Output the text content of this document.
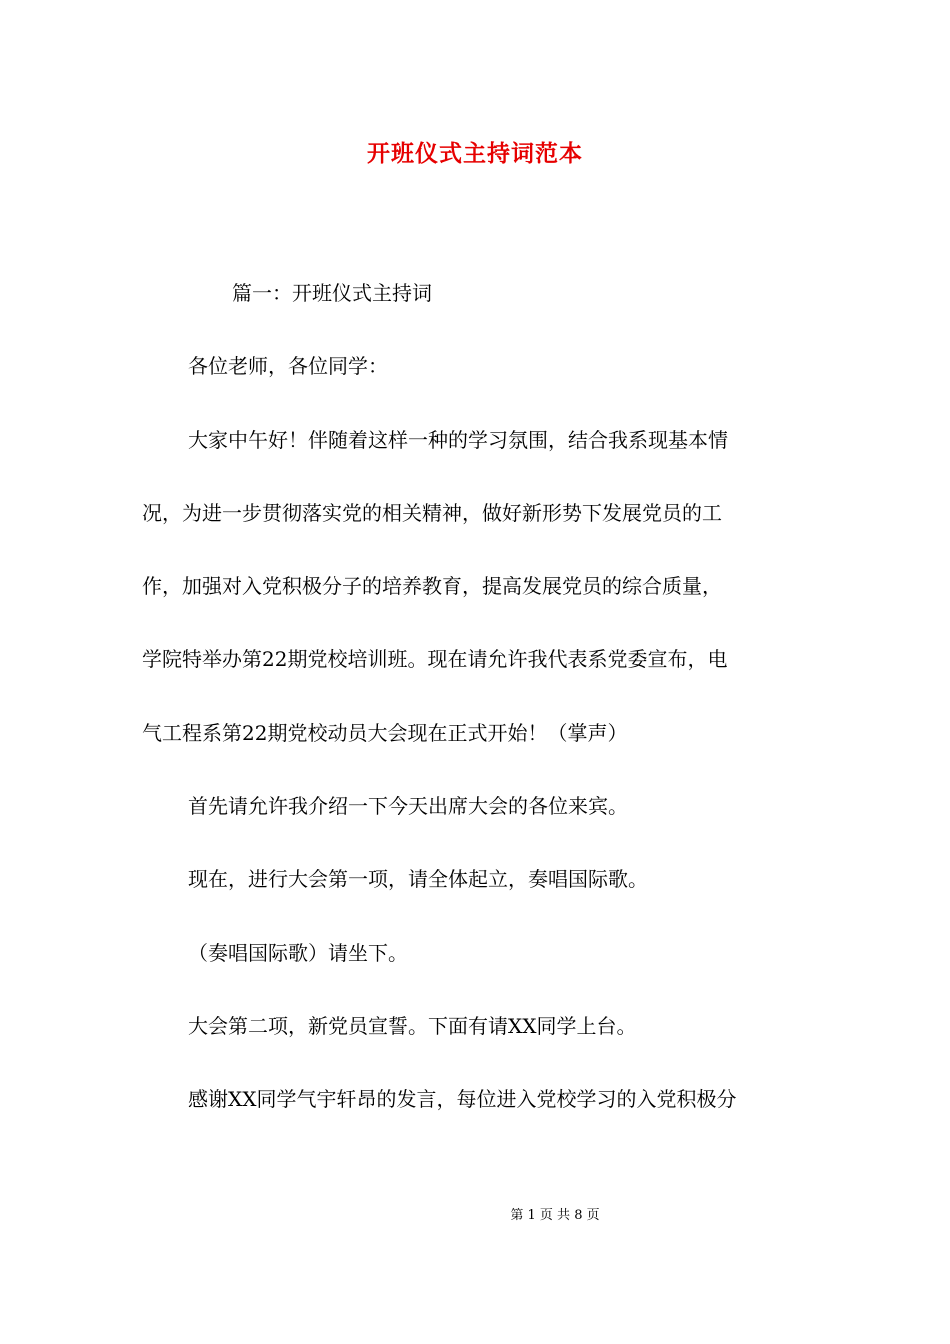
开班仪式主持词范本
篇一：开班仪式主持词
各位老师，各位同学：
大家中午好！伴随着这样一种的学习氛围，结合我系现基本情
况，为进一步贯彻落实党的相关精神，做好新形势下发展党员的工
作，加强对入党积极分子的培养教育，提高发展党员的综合质量，
学院特举办第22期党校培训班。现在请允许我代表系党委宣布，电
气工程系第22期党校动员大会现在正式开始！（掌声）
首先请允许我介绍一下今天出席大会的各位来宾。
现在，进行大会第一项，请全体起立，奏唱国际歌。
（奏唱国际歌）请坐下。
大会第二项，新党员宣誓。下面有请XX同学上台。
感谢XX同学气宇轩昂的发言，每位进入党校学习的入党积极分
第 1 页 共 8 页
